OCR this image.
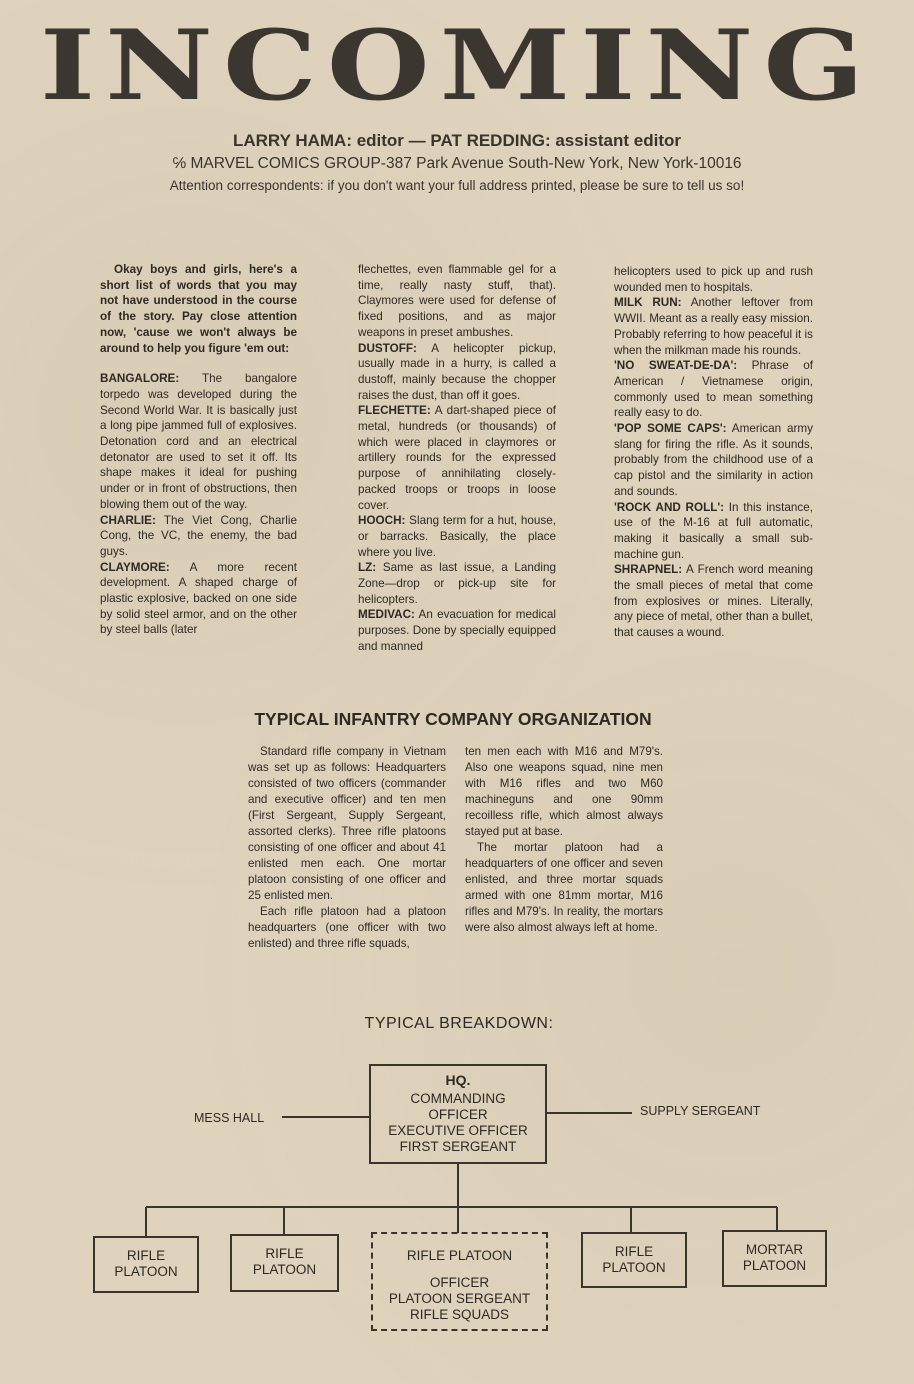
INCOMING
LARRY HAMA: editor — PAT REDDING: assistant editor
℅ MARVEL COMICS GROUP-387 Park Avenue South-New York, New York-10016
Attention correspondents: if you don't want your full address printed, please be sure to tell us so!

Okay boys and girls, here's a short list of words that you may not have understood in the course of the story. Pay close attention now, 'cause we won't always be around to help you figure 'em out:

BANGALORE: The bangalore torpedo was developed during the Second World War. It is basically just a long pipe jammed full of explosives. Detonation cord and an electrical detonator are used to set it off. Its shape makes it ideal for pushing under or in front of obstructions, then blowing them out of the way.

CHARLIE: The Viet Cong, Charlie Cong, the VC, the enemy, the bad guys.

CLAYMORE: A more recent development. A shaped charge of plastic explosive, backed on one side by solid steel armor, and on the other by steel balls (later

flechettes, even flammable gel for a time, really nasty stuff, that). Claymores were used for defense of fixed positions, and as major weapons in preset ambushes.

DUSTOFF: A helicopter pickup, usually made in a hurry, is called a dustoff, mainly because the chopper raises the dust, than off it goes.

FLECHETTE: A dart-shaped piece of metal, hundreds (or thousands) of which were placed in claymores or artillery rounds for the expressed purpose of annihilating closely-packed troops or troops in loose cover.

HOOCH: Slang term for a hut, house, or barracks. Basically, the place where you live.

LZ: Same as last issue, a Landing Zone—drop or pick-up site for helicopters.

MEDIVAC: An evacuation for medical purposes. Done by specially equipped and manned

helicopters used to pick up and rush wounded men to hospitals.

MILK RUN: Another leftover from WWII. Meant as a really easy mission. Probably referring to how peaceful it is when the milkman made his rounds.

'NO SWEAT-DE-DA': Phrase of American / Vietnamese origin, commonly used to mean something really easy to do.

'POP SOME CAPS': American army slang for firing the rifle. As it sounds, probably from the childhood use of a cap pistol and the similarity in action and sounds.

'ROCK AND ROLL': In this instance, use of the M-16 at full automatic, making it basically a small sub-machine gun.

SHRAPNEL: A French word meaning the small pieces of metal that come from explosives or mines. Literally, any piece of metal, other than a bullet, that causes a wound.

TYPICAL INFANTRY COMPANY ORGANIZATION

Standard rifle company in Vietnam was set up as follows: Headquarters consisted of two officers (commander and executive officer) and ten men (First Sergeant, Supply Sergeant, assorted clerks). Three rifle platoons consisting of one officer and about 41 enlisted men each. One mortar platoon consisting of one officer and 25 enlisted men.

Each rifle platoon had a platoon headquarters (one officer with two enlisted) and three rifle squads,

ten men each with M16 and M79's. Also one weapons squad, nine men with M16 rifles and two M60 machineguns and one 90mm recoilless rifle, which almost always stayed put at base.

The mortar platoon had a headquarters of one officer and seven enlisted, and three mortar squads armed with one 81mm mortar, M16 rifles and M79's. In reality, the mortars were also almost always left at home.

TYPICAL BREAKDOWN:
HQ.
COMMANDING
OFFICER
EXECUTIVE OFFICER
FIRST SERGEANT
MESS HALL	SUPPLY SERGEANT
RIFLE
PLATOON
RIFLE
PLATOON
RIFLE PLATOON
OFFICER
PLATOON SERGEANT
RIFLE SQUADS
RIFLE
PLATOON
MORTAR
PLATOON
